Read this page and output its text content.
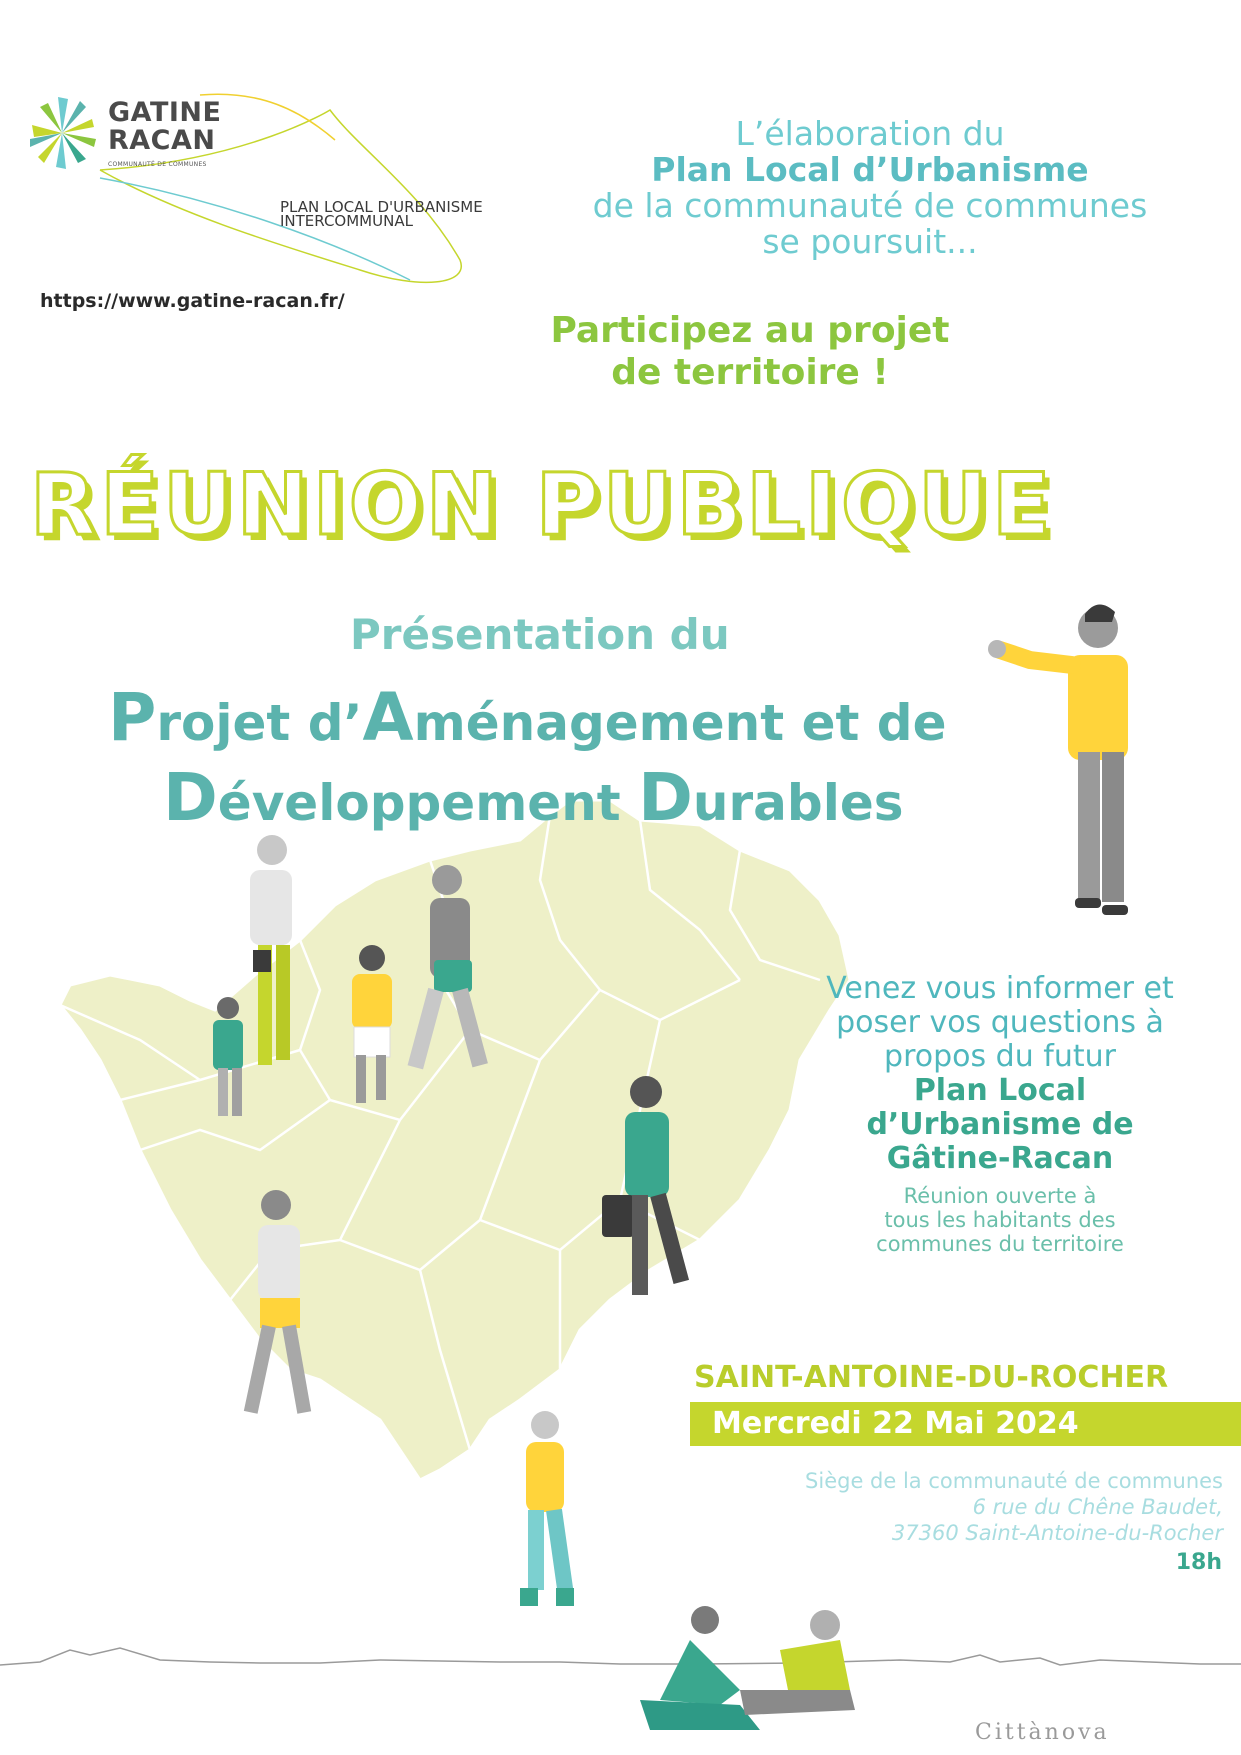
GATINE
RACAN
COMMUNAUTÉ DE COMMUNES
PLAN LOCAL D'URBANISME
INTERCOMMUNAL
https://www.gatine-racan.fr/
L’élaboration du
Plan Local d’Urbanisme
de la communauté de communes
se poursuit...
Participez au projet
de territoire !
RÉUNION PUBLIQUE
Présentation du
Projet d’Aménagement et de
Développement Durables
Venez vous informer et
poser vos questions à
propos du futur
Plan Local
d’Urbanisme de
Gâtine-Racan
Réunion ouverte à
tous les habitants des
communes du territoire
SAINT-ANTOINE-DU-ROCHER
Mercredi 22 Mai 2024
Siège de la communauté de communes
6 rue du Chêne Baudet,
37360 Saint-Antoine-du-Rocher
18h
Cittànova
